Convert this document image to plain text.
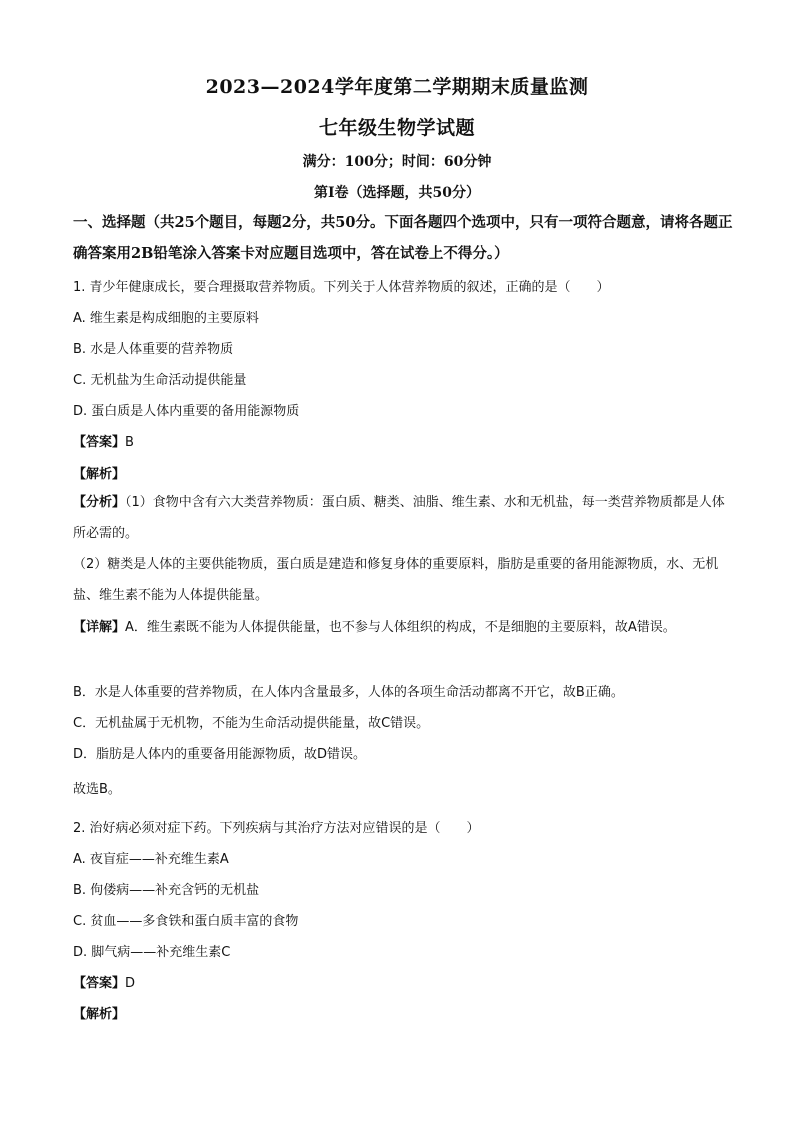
2023—2024学年度第二学期期末质量监测
七年级生物学试题
满分：100分；时间：60分钟
第Ⅰ卷（选择题，共50分）
一、选择题（共25个题目，每题2分，共50分。下面各题四个选项中，只有一项符合题意，请将各题正确答案用2B铅笔涂入答案卡对应题目选项中，答在试卷上不得分。）
1. 青少年健康成长，要合理摄取营养物质。下列关于人体营养物质的叙述，正确的是（　　）
A. 维生素是构成细胞的主要原料
B. 水是人体重要的营养物质
C. 无机盐为生命活动提供能量
D. 蛋白质是人体内重要的备用能源物质
【答案】B
【解析】
【分析】（1）食物中含有六大类营养物质：蛋白质、糖类、油脂、维生素、水和无机盐，每一类营养物质都是人体所必需的。
（2）糖类是人体的主要供能物质，蛋白质是建造和修复身体的重要原料，脂肪是重要的备用能源物质，水、无机盐、维生素不能为人体提供能量。
【详解】A．维生素既不能为人体提供能量，也不参与人体组织的构成，不是细胞的主要原料，故A错误。
B．水是人体重要的营养物质，在人体内含量最多，人体的各项生命活动都离不开它，故B正确。
C．无机盐属于无机物，不能为生命活动提供能量，故C错误。
D．脂肪是人体内的重要备用能源物质，故D错误。
故选B。
2. 治好病必须对症下药。下列疾病与其治疗方法对应错误的是（　　）
A. 夜盲症——补充维生素A
B. 佝偻病——补充含钙的无机盐
C. 贫血——多食铁和蛋白质丰富的食物
D. 脚气病——补充维生素C
【答案】D
【解析】
